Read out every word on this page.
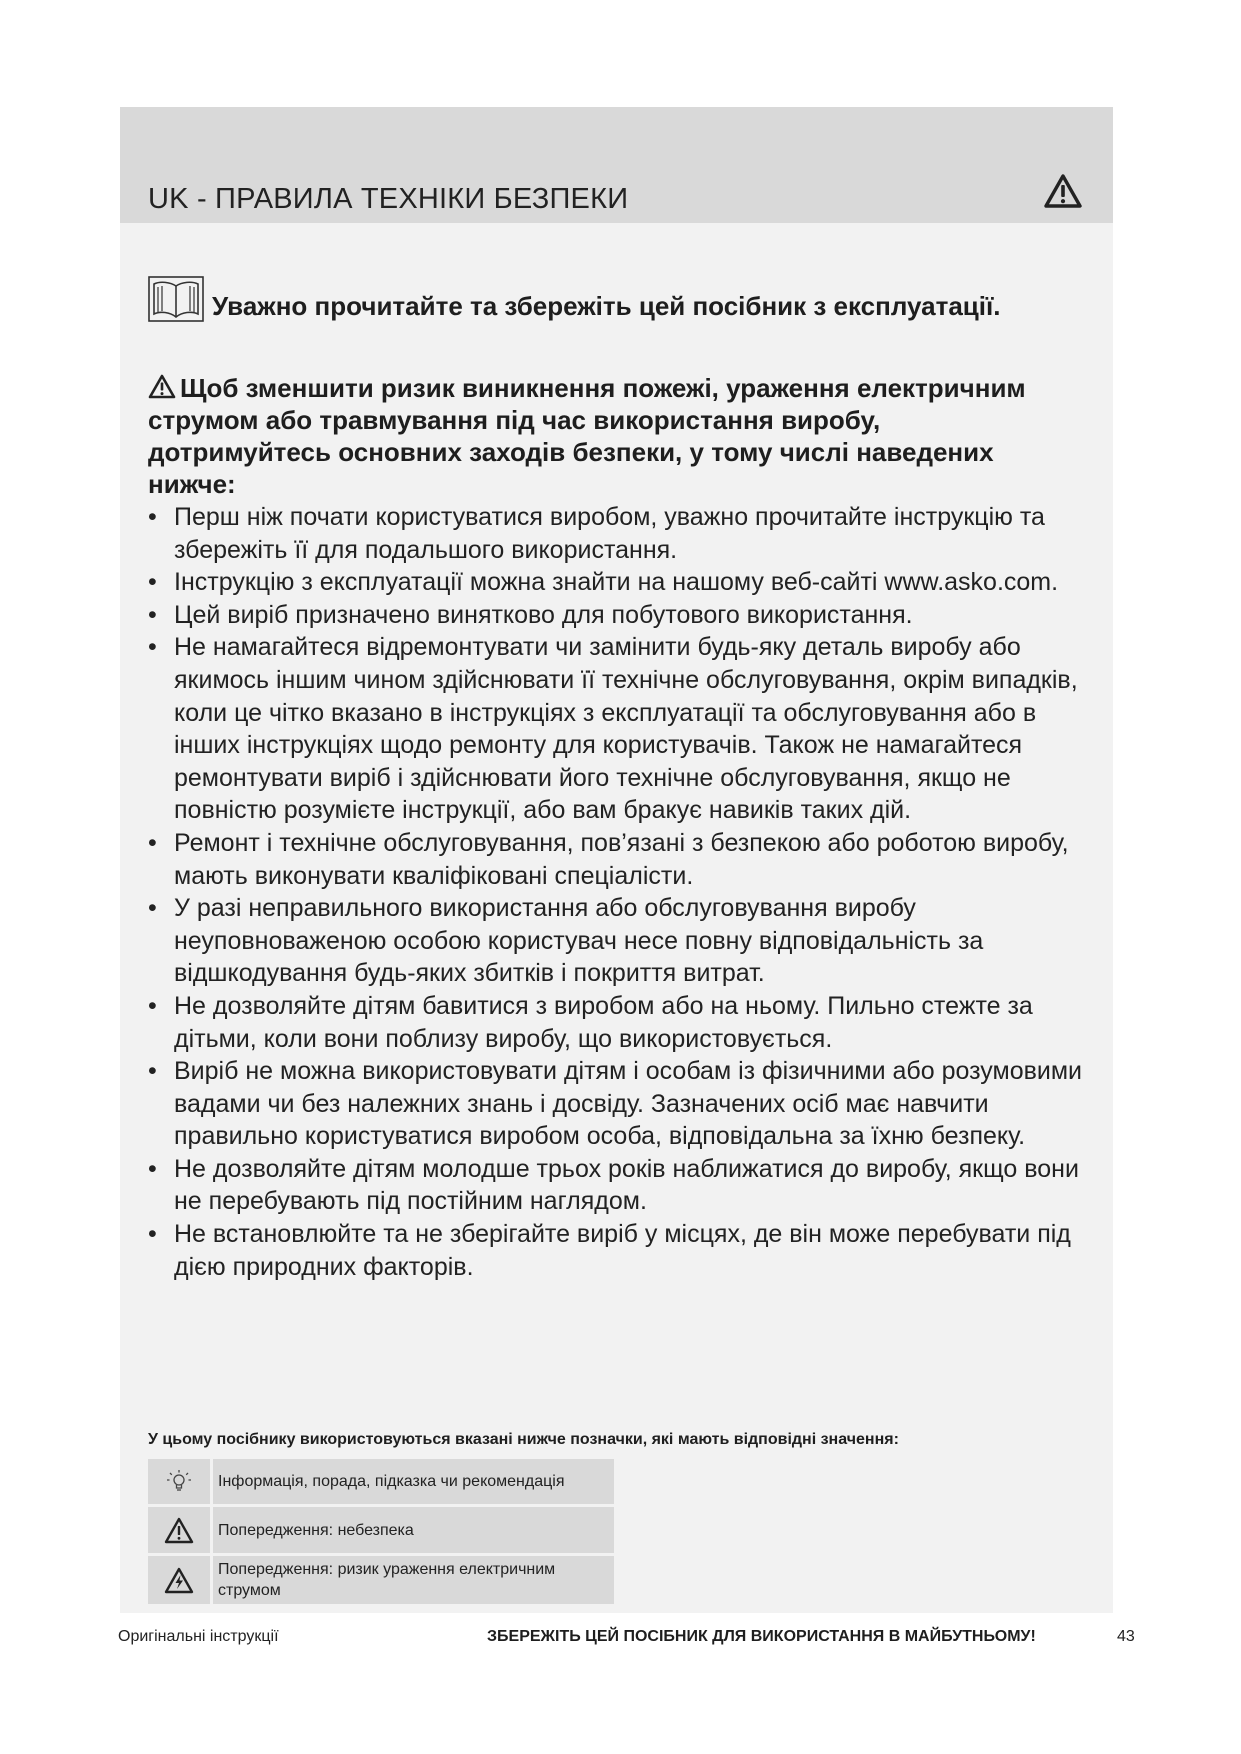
UK - ПРАВИЛА ТЕХНІКИ БЕЗПЕКИ
Уважно прочитайте та збережіть цей посібник з експлуатації.
Щоб зменшити ризик виникнення пожежі, ураження електричним струмом або травмування під час використання виробу, дотримуйтесь основних заходів безпеки, у тому числі наведених нижче:
• Перш ніж почати користуватися виробом, уважно прочитайте інструкцію та збережіть її для подальшого використання.
• Інструкцію з експлуатації можна знайти на нашому веб-сайті www.asko.com.
• Цей виріб призначено винятково для побутового використання.
• Не намагайтеся відремонтувати чи замінити будь-яку деталь виробу або якимось іншим чином здійснювати її технічне обслуговування, окрім випадків, коли це чітко вказано в інструкціях з експлуатації та обслуговування або в інших інструкціях щодо ремонту для користувачів. Також не намагайтеся ремонтувати виріб і здійснювати його технічне обслуговування, якщо не повністю розумієте інструкції, або вам бракує навиків таких дій.
• Ремонт і технічне обслуговування, пов’язані з безпекою або роботою виробу, мають виконувати кваліфіковані спеціалісти.
• У разі неправильного використання або обслуговування виробу неуповноваженою особою користувач несе повну відповідальність за відшкодування будь-яких збитків і покриття витрат.
• Не дозволяйте дітям бавитися з виробом або на ньому. Пильно стежте за дітьми, коли вони поблизу виробу, що використовується.
• Виріб не можна використовувати дітям і особам із фізичними або розумовими вадами чи без належних знань і досвіду. Зазначених осіб має навчити правильно користуватися виробом особа, відповідальна за їхню безпеку.
• Не дозволяйте дітям молодше трьох років наближатися до виробу, якщо вони не перебувають під постійним наглядом.
• Не встановлюйте та не зберігайте виріб у місцях, де він може перебувати під дією природних факторів.
У цьому посібнику використовуються вказані нижче позначки, які мають відповідні значення:
Інформація, порада, підказка чи рекомендація
Попередження: небезпека
Попередження: ризик ураження електричним струмом
Оригінальні інструкції	ЗБЕРЕЖІТЬ ЦЕЙ ПОСІБНИК ДЛЯ ВИКОРИСТАННЯ В МАЙБУТНЬОМУ!	43
